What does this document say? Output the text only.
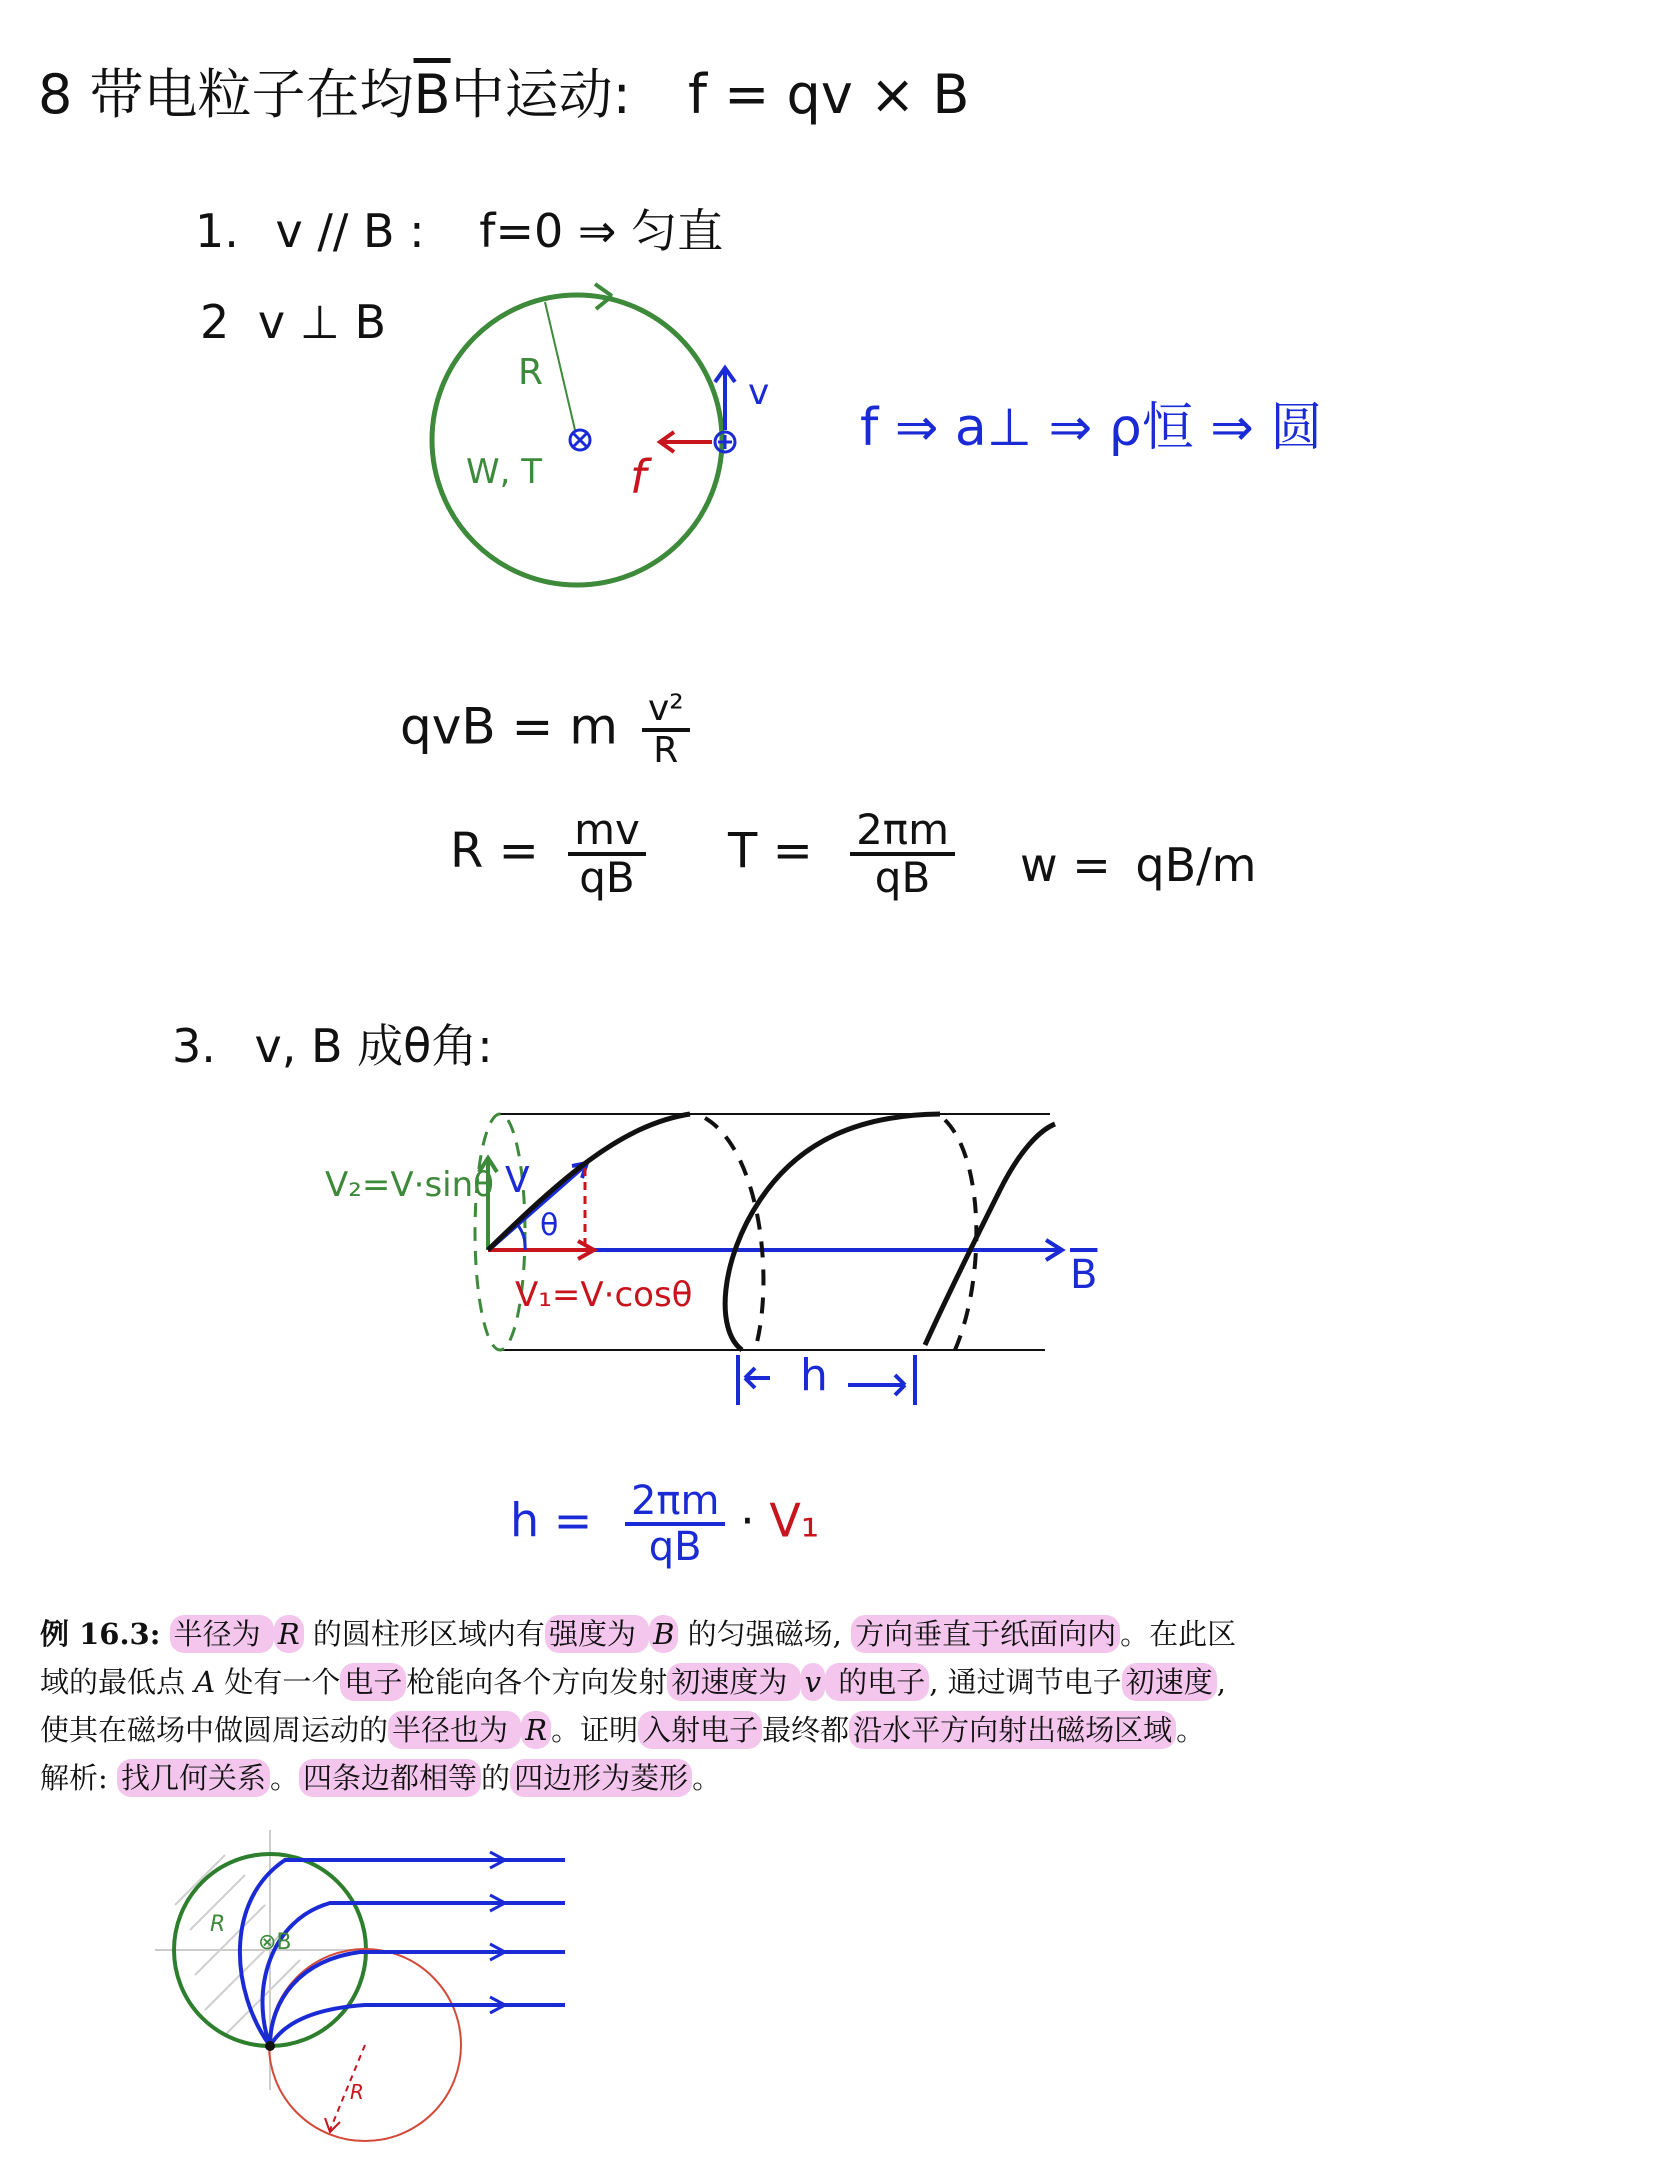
8 带电粒子在均$\overline{B}$中运动: f = qv × B
1. v // B : f=0 ⇒ 匀直
2 v ⊥ B
f ⇒ a⊥ ⇒ ρ恒 ⇒ 圆
R
W, T f
v
qvB = m $\frac{\text{v²}}{R}$
$R = \frac{mv}{qB}$ $T = \frac{2\pi m}{qB}$ w = qB/m
3. v, B 成θ角:
V₂=V·sinθ V
θ
V₁=V·cosθ	$\overline{B}$
h
$h = \frac{2\pi m}{qB} \cdot V_1$
例 16.3: 半径为 R 的圆柱形区域内有 强度为 B 的匀强磁场, 方向垂直于纸面向内 。在此区
域的最低点 A 处有一个 电子 枪能向各个方向发射 初速度为 v 的电子 , 通过调节电子 初速度 ,
使其在磁场中做圆周运动的 半径也为 R 。证明 入射电子 最终都 沿水平方向射出磁场区域 。
解析: 找几何关系 。 四条边都相等 的 四边形为菱形 。
R
⊗B
R
